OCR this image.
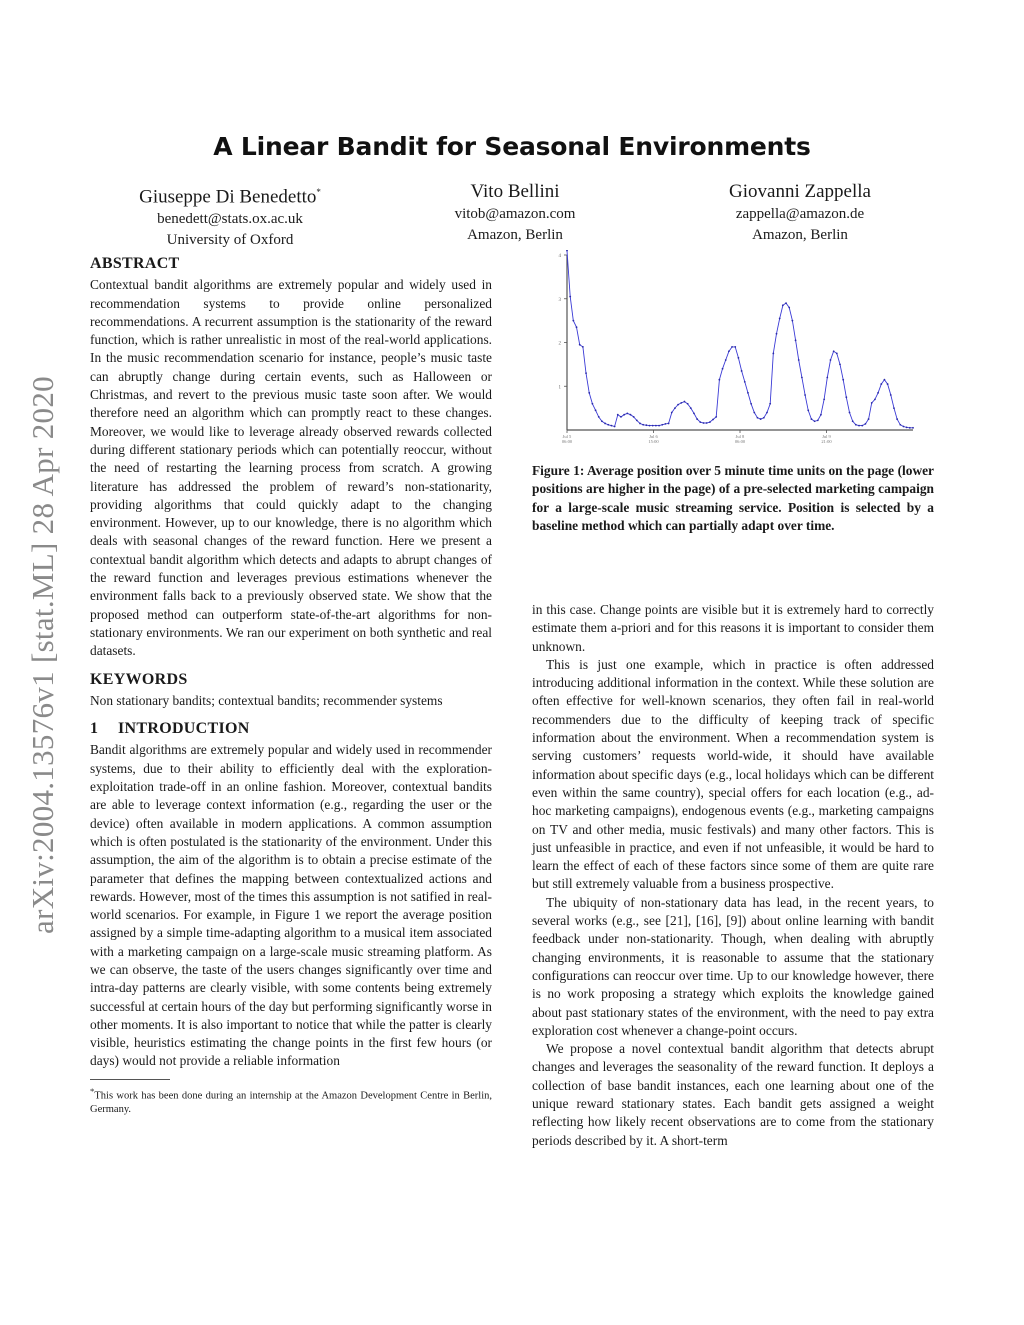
arXiv:2004.13576v1 [stat.ML] 28 Apr 2020
A Linear Bandit for Seasonal Environments
Giuseppe Di Benedetto*
benedett@stats.ox.ac.uk
University of Oxford
Vito Bellini
vitob@amazon.com
Amazon, Berlin
Giovanni Zappella
zappella@amazon.de
Amazon, Berlin
ABSTRACT

Contextual bandit algorithms are extremely popular and widely used in recommendation systems to provide online personalized recommendations. A recurrent assumption is the stationarity of the reward function, which is rather unrealistic in most of the real-world applications. In the music recommendation scenario for instance, people’s music taste can abruptly change during certain events, such as Halloween or Christmas, and revert to the previous music taste soon after. We would therefore need an algorithm which can promptly react to these changes. Moreover, we would like to leverage already observed rewards collected during different stationary periods which can potentially reoccur, without the need of restarting the learning process from scratch. A growing literature has addressed the problem of reward’s non-stationarity, providing algorithms that could quickly adapt to the changing environment. However, up to our knowledge, there is no algorithm which deals with seasonal changes of the reward function. Here we present a contextual bandit algorithm which detects and adapts to abrupt changes of the reward function and leverages previous estimations whenever the environment falls back to a previously observed state. We show that the proposed method can outperform state-of-the-art algorithms for non-stationary environments. We ran our experiment on both synthetic and real datasets.

KEYWORDS

Non stationary bandits; contextual bandits; recommender systems

1 INTRODUCTION

Bandit algorithms are extremely popular and widely used in recommender systems, due to their ability to efficiently deal with the exploration-exploitation trade-off in an online fashion. Moreover, contextual bandits are able to leverage context information (e.g., regarding the user or the device) often available in modern applications. A common assumption which is often postulated is the stationarity of the environment. Under this assumption, the aim of the algorithm is to obtain a precise estimate of the parameter that defines the mapping between contextualized actions and rewards. However, most of the times this assumption is not satified in real-world scenarios. For example, in Figure 1 we report the average position assigned by a simple time-adapting algorithm to a musical item associated with a marketing campaign on a large-scale music streaming platform. As we can observe, the taste of the users changes significantly over time and intra-day patterns are clearly visible, with some contents being extremely successful at certain hours of the day but performing significantly worse in other moments. It is also important to notice that while the patter is clearly visible, heuristics estimating the change points in the first few hours (or days) would not provide a reliable information

*This work has been done during an internship at the Amazon Development Centre in Berlin, Germany.
1
2
3
4
Jul 5
06:00
Jul 6
15:00
Jul 8
06:00
Jul 9
21:00
Figure 1: Average position over 5 minute time units on the page (lower positions are higher in the page) of a pre-selected marketing campaign for a large-scale music streaming service. Position is selected by a baseline method which can partially adapt over time.

in this case. Change points are visible but it is extremely hard to correctly estimate them a-priori and for this reasons it is important to consider them unknown.

This is just one example, which in practice is often addressed introducing additional information in the context. While these solution are often effective for well-known scenarios, they often fail in real-world recommenders due to the difficulty of keeping track of specific information about the environment. When a recommendation system is serving customers’ requests world-wide, it should have available information about specific days (e.g., local holidays which can be different even within the same country), special offers for each location (e.g., ad-hoc marketing campaigns), endogenous events (e.g., marketing campaigns on TV and other media, music festivals) and many other factors. This is just unfeasible in practice, and even if not unfeasible, it would be hard to learn the effect of each of these factors since some of them are quite rare but still extremely valuable from a business prospective.

The ubiquity of non-stationary data has lead, in the recent years, to several works (e.g., see [21], [16], [9]) about online learning with bandit feedback under non-stationarity. Though, when dealing with abruptly changing environments, it is reasonable to assume that the stationary configurations can reoccur over time. Up to our knowledge however, there is no work proposing a strategy which exploits the knowledge gained about past stationary states of the environment, with the need to pay extra exploration cost whenever a change-point occurs.

We propose a novel contextual bandit algorithm that detects abrupt changes and leverages the seasonality of the reward function. It deploys a collection of base bandit instances, each one learning about one of the unique reward stationary states. Each bandit gets assigned a weight reflecting how likely recent observations are to come from the stationary periods described by it. A short-term
